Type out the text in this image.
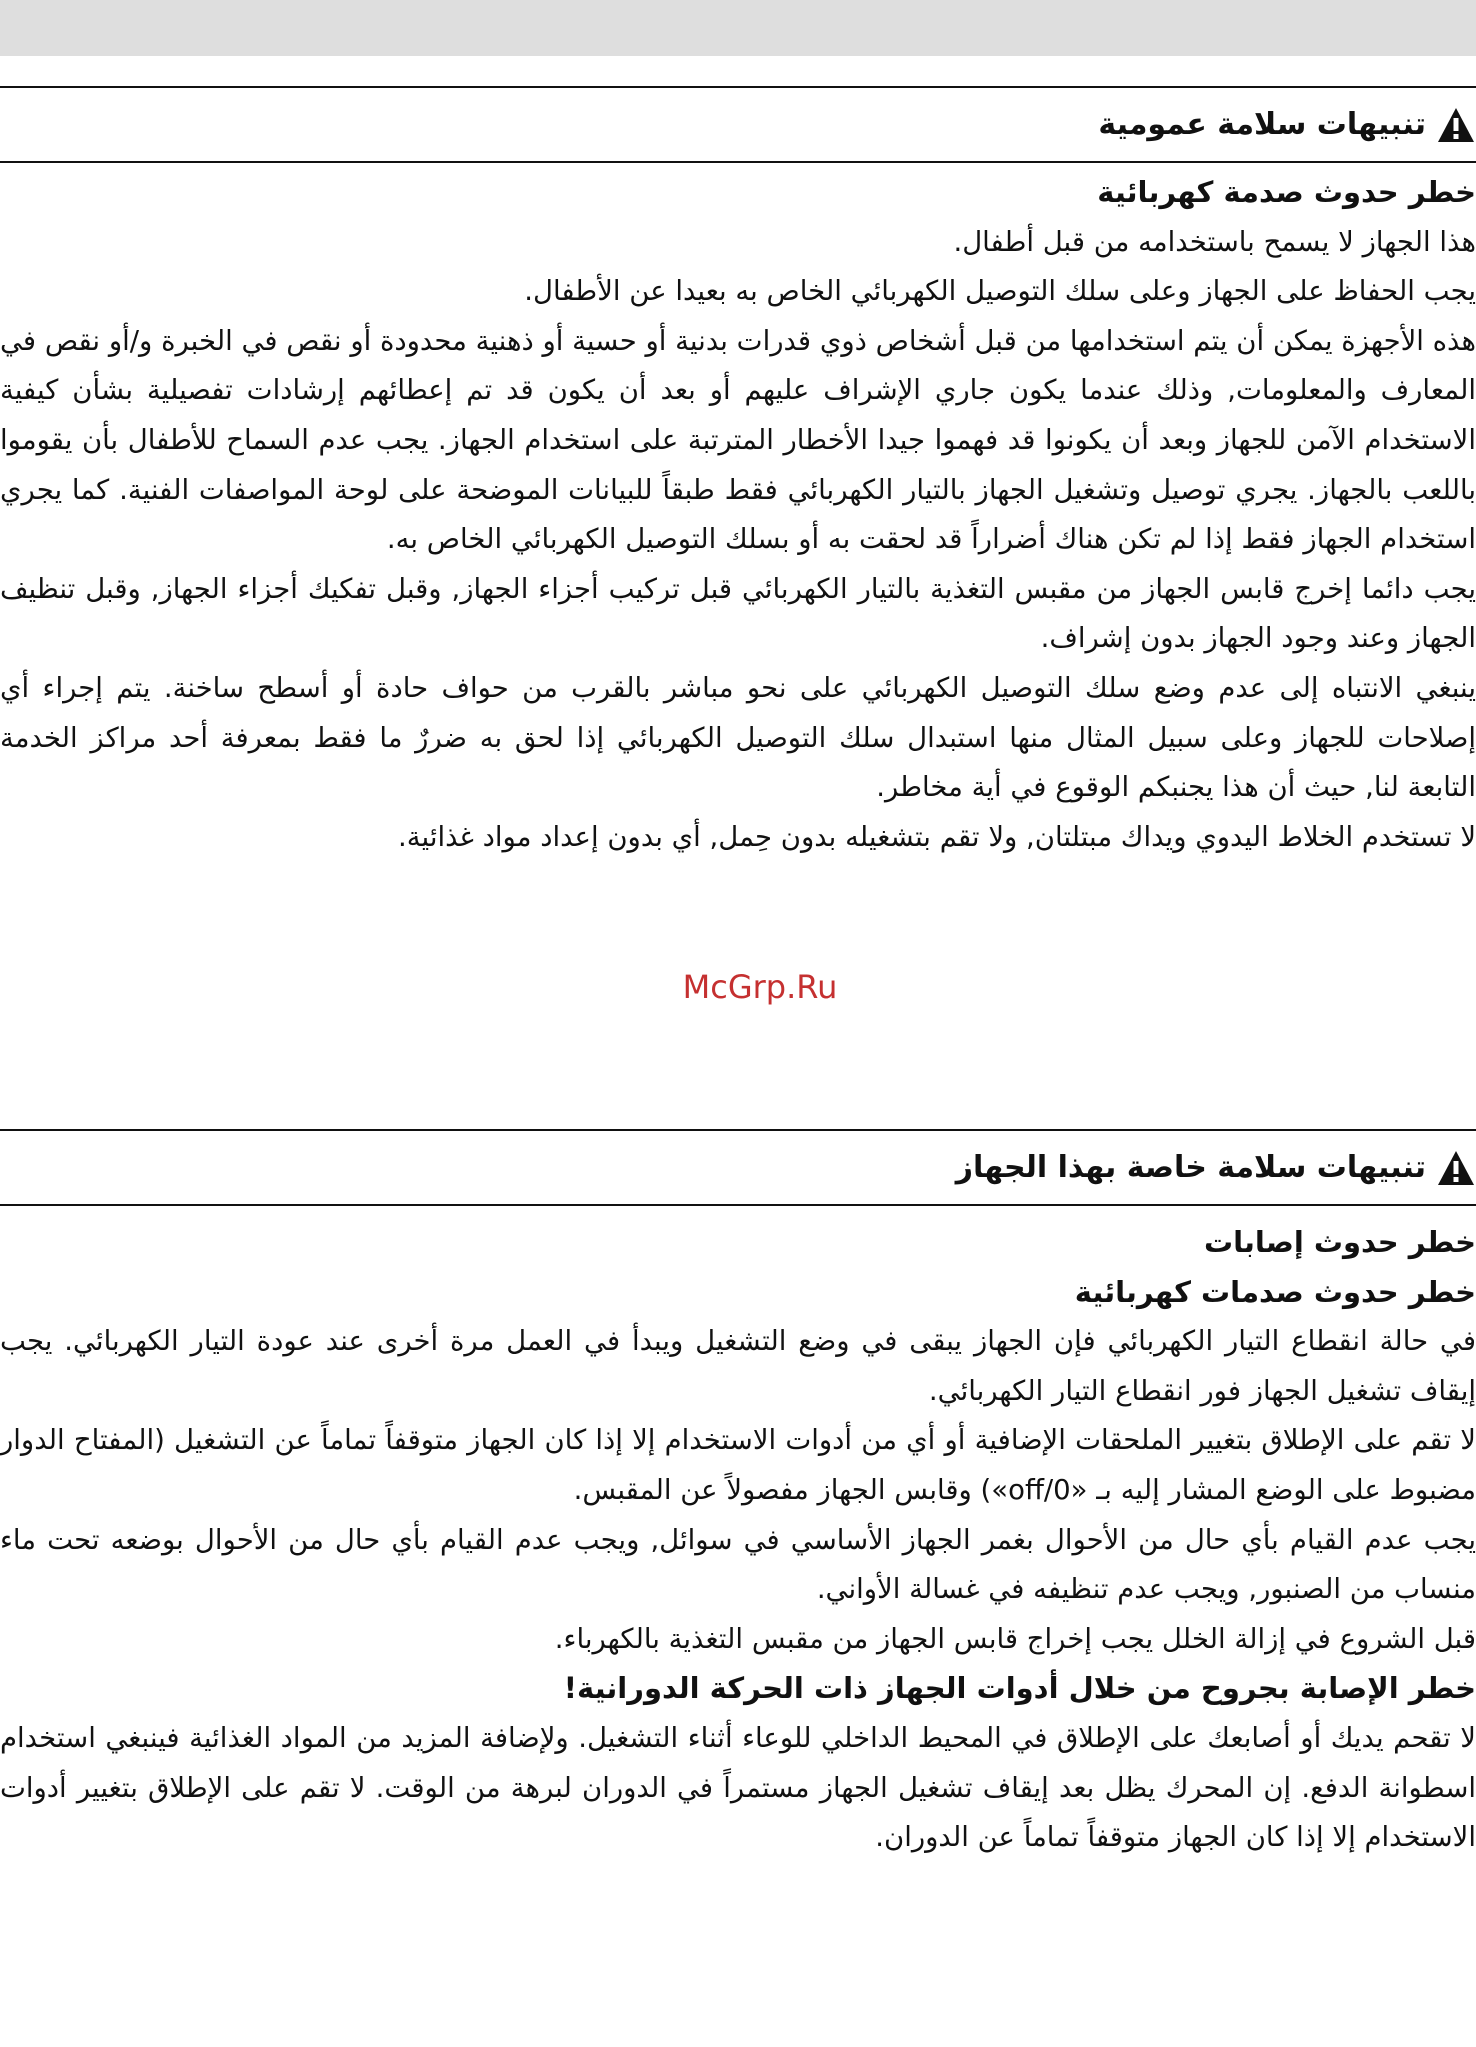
تنبيهات سلامة عمومية

خطر حدوث صدمة كهربائية

هذا الجهاز لا يسمح باستخدامه من قبل أطفال.

يجب الحفاظ على الجهاز وعلى سلك التوصيل الكهربائي الخاص به بعيدا عن الأطفال.

هذه الأجهزة يمكن أن يتم استخدامها من قبل أشخاص ذوي قدرات بدنية أو حسية أو ذهنية محدودة أو نقص في الخبرة و/أو نقص في المعارف والمعلومات, وذلك عندما يكون جاري الإشراف عليهم أو بعد أن يكون قد تم إعطائهم إرشادات تفصيلية بشأن كيفية الاستخدام الآمن للجهاز وبعد أن يكونوا قد فهموا جيدا الأخطار المترتبة على استخدام الجهاز. يجب عدم السماح للأطفال بأن يقوموا باللعب بالجهاز. يجري توصيل وتشغيل الجهاز بالتيار الكهربائي فقط طبقاً للبيانات الموضحة على لوحة المواصفات الفنية. كما يجري استخدام الجهاز فقط إذا لم تكن هناك أضراراً قد لحقت به أو بسلك التوصيل الكهربائي الخاص به.

يجب دائما إخرج قابس الجهاز من مقبس التغذية بالتيار الكهربائي قبل تركيب أجزاء الجهاز, وقبل تفكيك أجزاء الجهاز, وقبل تنظيف الجهاز وعند وجود الجهاز بدون إشراف.

ينبغي الانتباه إلى عدم وضع سلك التوصيل الكهربائي على نحو مباشر بالقرب من حواف حادة أو أسطح ساخنة. يتم إجراء أي إصلاحات للجهاز وعلى سبيل المثال منها استبدال سلك التوصيل الكهربائي إذا لحق به ضررٌ ما فقط بمعرفة أحد مراكز الخدمة التابعة لنا, حيث أن هذا يجنبكم الوقوع في أية مخاطر.

لا تستخدم الخلاط اليدوي ويداك مبتلتان, ولا تقم بتشغيله بدون حِمل, أي بدون إعداد مواد غذائية.

تنبيهات سلامة خاصة بهذا الجهاز

خطر حدوث إصابات

خطر حدوث صدمات كهربائية

في حالة انقطاع التيار الكهربائي فإن الجهاز يبقى في وضع التشغيل ويبدأ في العمل مرة أخرى عند عودة التيار الكهربائي. يجب إيقاف تشغيل الجهاز فور انقطاع التيار الكهربائي.

لا تقم على الإطلاق بتغيير الملحقات الإضافية أو أي من أدوات الاستخدام إلا إذا كان الجهاز متوقفاً تماماً عن التشغيل (المفتاح الدوار مضبوط على الوضع المشار إليه بـ «off/0») وقابس الجهاز مفصولاً عن المقبس.

يجب عدم القيام بأي حال من الأحوال بغمر الجهاز الأساسي في سوائل, ويجب عدم القيام بأي حال من الأحوال بوضعه تحت ماء منساب من الصنبور, ويجب عدم تنظيفه في غسالة الأواني.

قبل الشروع في إزالة الخلل يجب إخراج قابس الجهاز من مقبس التغذية بالكهرباء.

خطر الإصابة بجروح من خلال أدوات الجهاز ذات الحركة الدورانية!

لا تقحم يديك أو أصابعك على الإطلاق في المحيط الداخلي للوعاء أثناء التشغيل. ولإضافة المزيد من المواد الغذائية فينبغي استخدام اسطوانة الدفع. إن المحرك يظل بعد إيقاف تشغيل الجهاز مستمراً في الدوران لبرهة من الوقت. لا تقم على الإطلاق بتغيير أدوات الاستخدام إلا إذا كان الجهاز متوقفاً تماماً عن الدوران.

McGrp.Ru
